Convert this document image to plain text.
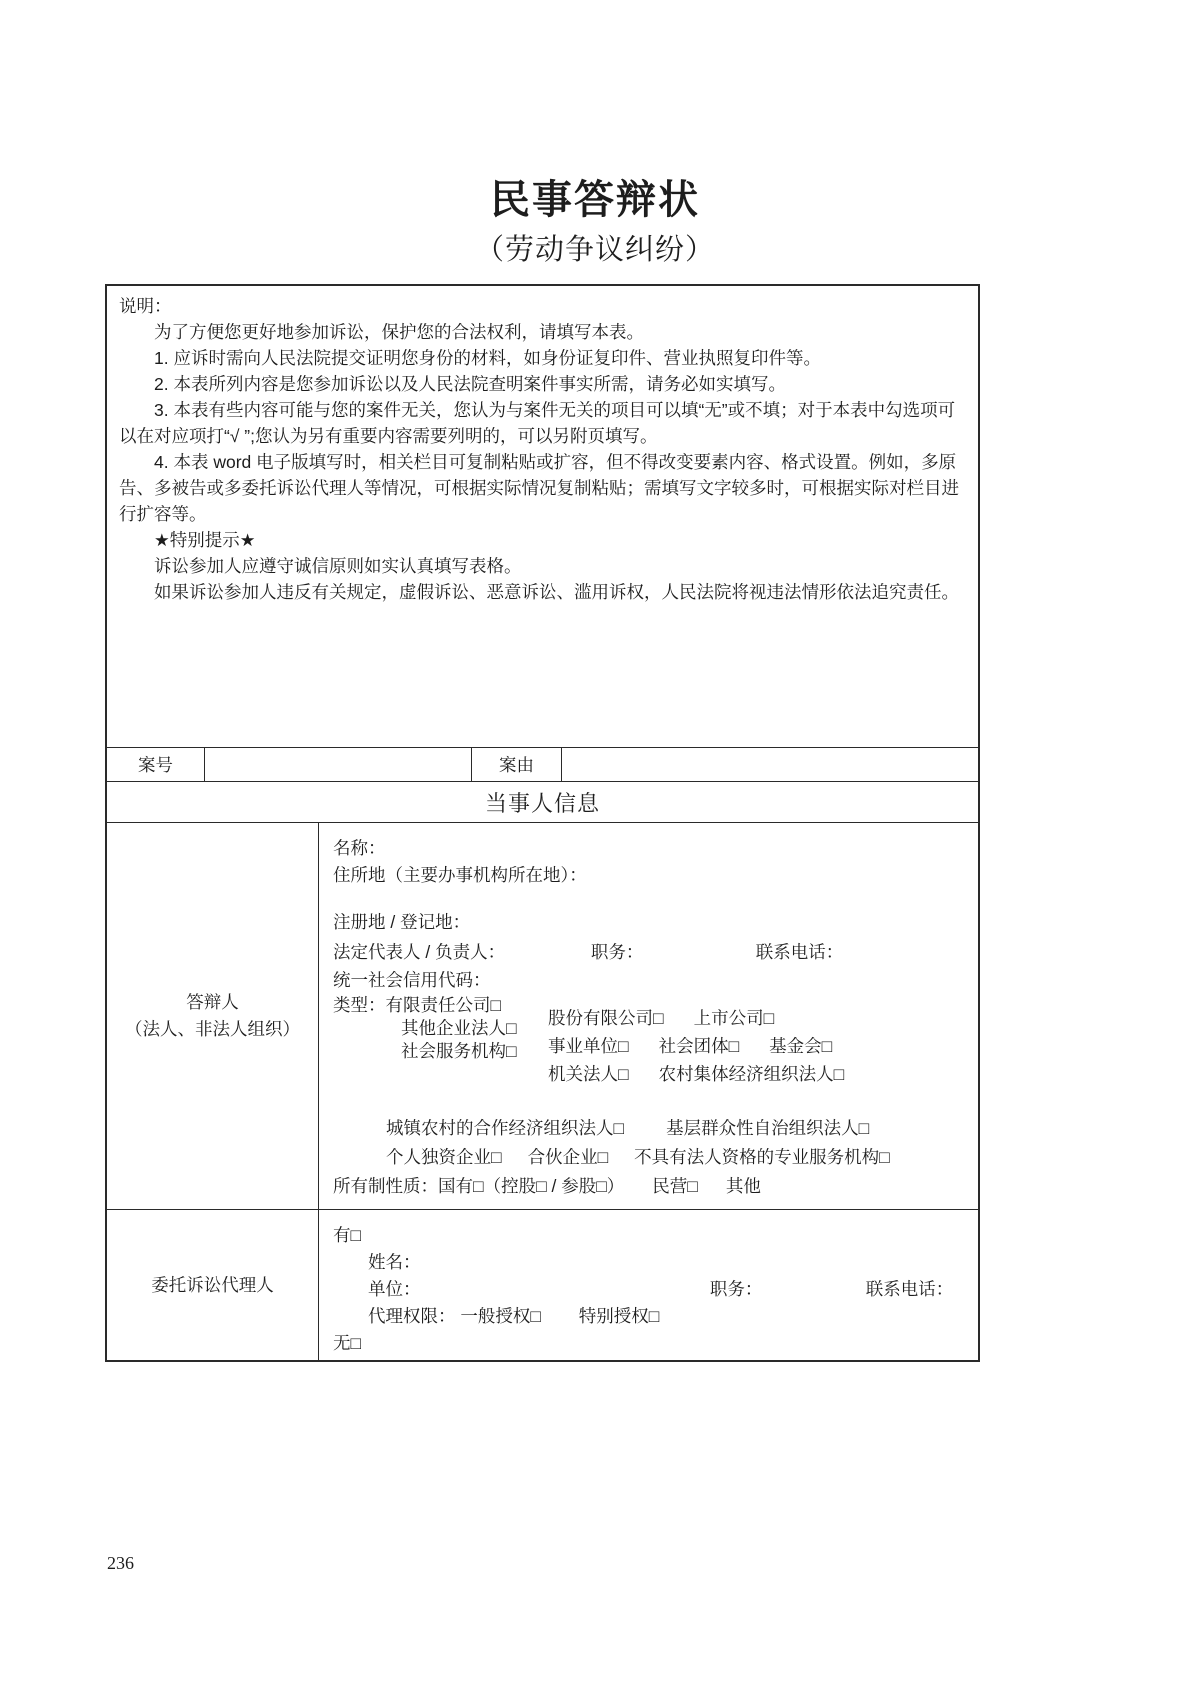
民事答辩状
（劳动争议纠纷）

说明：

为了方便您更好地参加诉讼，保护您的合法权利，请填写本表。

1. 应诉时需向人民法院提交证明您身份的材料，如身份证复印件、营业执照复印件等。

2. 本表所列内容是您参加诉讼以及人民法院查明案件事实所需，请务必如实填写。

3. 本表有些内容可能与您的案件无关，您认为与案件无关的项目可以填“无”或不填；对于本表中勾选项可以在对应项打“√ ”;您认为另有重要内容需要列明的，可以另附页填写。

4. 本表 word 电子版填写时，相关栏目可复制粘贴或扩容，但不得改变要素内容、格式设置。例如，多原告、多被告或多委托诉讼代理人等情况，可根据实际情况复制粘贴；需填写文字较多时，可根据实际对栏目进行扩容等。

★特别提示★

诉讼参加人应遵守诚信原则如实认真填写表格。

如果诉讼参加人违反有关规定，虚假诉讼、恶意诉讼、滥用诉权，人民法院将视违法情形依法追究责任。

案号	案由
当事人信息
答辩人
（法人、非法人组织）
名称：
住所地（主要办事机构所在地）：
注册地 / 登记地：
法定代表人 / 负责人：	职务：	联系电话：
统一社会信用代码：
类型：有限责任公司□
其他企业法人□
社会服务机构□
股份有限公司□ 上市公司□
事业单位□ 社会团体□ 基金会□
机关法人□ 农村集体经济组织法人□
城镇农村的合作经济组织法人□ 基层群众性自治组织法人□
个人独资企业□ 合伙企业□ 不具有法人资格的专业服务机构□
所有制性质： 国有□（控股□ / 参股□） 民营□ 其他
委托诉讼代理人
有□
姓名：
单位：	职务：	联系电话：
代理权限： 一般授权□ 特别授权□
无□
236
